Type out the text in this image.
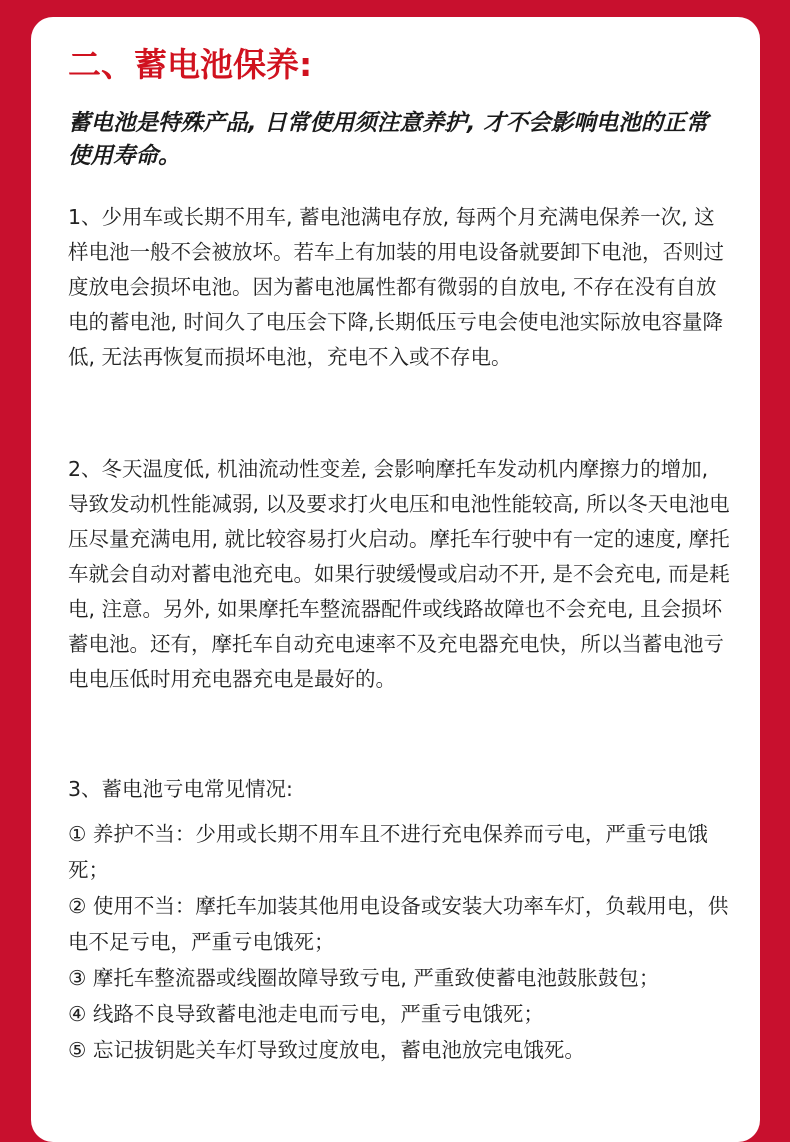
二、蓄电池保养:

蓄电池是特殊产品, 日常使用须注意养护, 才不会影响电池的正常使用寿命。

1、少用车或长期不用车, 蓄电池满电存放, 每两个月充满电保养一次, 这样电池一般不会被放坏。若车上有加装的用电设备就要卸下电池，否则过度放电会损坏电池。因为蓄电池属性都有微弱的自放电, 不存在没有自放电的蓄电池, 时间久了电压会下降,长期低压亏电会使电池实际放电容量降低, 无法再恢复而损坏电池，充电不入或不存电。

2、冬天温度低, 机油流动性变差, 会影响摩托车发动机内摩擦力的增加, 导致发动机性能减弱, 以及要求打火电压和电池性能较高, 所以冬天电池电压尽量充满电用, 就比较容易打火启动。摩托车行驶中有一定的速度, 摩托车就会自动对蓄电池充电。如果行驶缓慢或启动不开, 是不会充电, 而是耗电, 注意。另外, 如果摩托车整流器配件或线路故障也不会充电, 且会损坏蓄电池。还有，摩托车自动充电速率不及充电器充电快，所以当蓄电池亏电电压低时用充电器充电是最好的。

3、蓄电池亏电常见情况:

① 养护不当：少用或长期不用车且不进行充电保养而亏电，严重亏电饿死；
② 使用不当：摩托车加装其他用电设备或安装大功率车灯，负载用电，供电不足亏电，严重亏电饿死；
③ 摩托车整流器或线圈故障导致亏电, 严重致使蓄电池鼓胀鼓包；
④ 线路不良导致蓄电池走电而亏电，严重亏电饿死；
⑤ 忘记拔钥匙关车灯导致过度放电，蓄电池放完电饿死。
